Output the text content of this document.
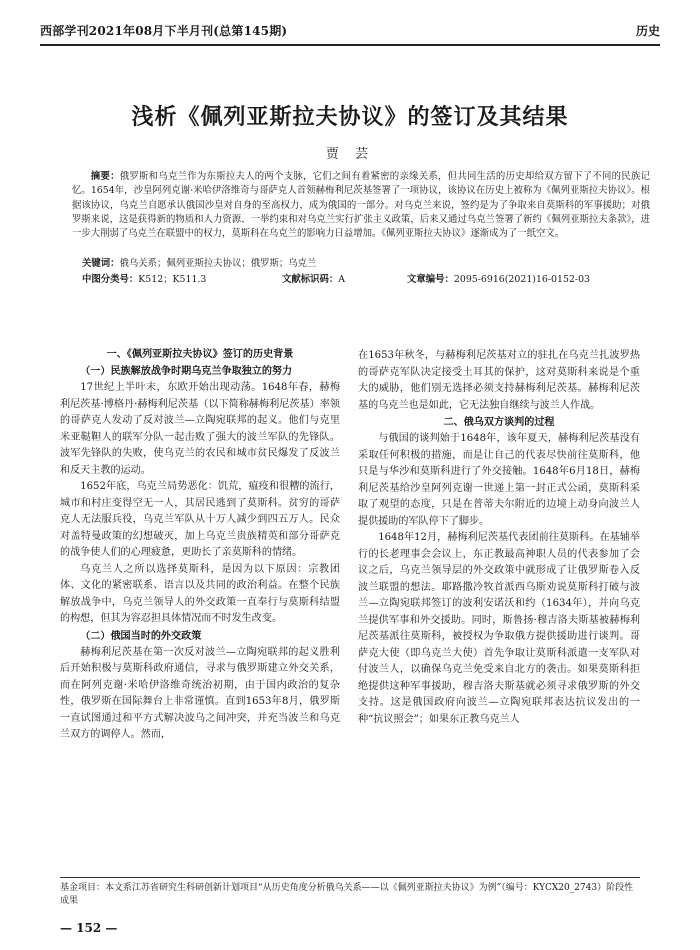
西部学刊2021年08月下半月刊(总第145期)	历史
浅析《佩列亚斯拉夫协议》的签订及其结果
贾 芸
摘要：俄罗斯和乌克兰作为东斯拉夫人的两个支脉，它们之间有着紧密的亲缘关系，但共同生活的历史却给双方留下了不同的民族记忆。1654年，沙皇阿列克谢·米哈伊洛维奇与哥萨克人首领赫梅利尼茨基签署了一项协议，该协议在历史上被称为《佩列亚斯拉夫协议》。根据该协议，乌克兰自愿承认俄国沙皇对自身的至高权力，成为俄国的一部分。对乌克兰来说，签约是为了争取来自莫斯科的军事援助；对俄罗斯来说，这是获得新的物质和人力资源、一举约束和对乌克兰实行扩张主义政策，后来又通过乌克兰签署了新约《佩列亚斯拉夫条款》，进一步大削弱了乌克兰在联盟中的权力，莫斯科在乌克兰的影响力日益增加。《佩列亚斯拉夫协议》逐渐成为了一纸空文。
关键词：俄乌关系；佩列亚斯拉夫协议；俄罗斯；乌克兰
中图分类号： K512；K511.3	文献标识码： A	文章编号： 2095-6916(2021)16-0152-03
一、《佩列亚斯拉夫协议》签订的历史背景
（一）民族解放战争时期乌克兰争取独立的努力

17世纪上半叶末，东欧开始出现动荡。1648年春，赫梅利尼茨基·博格丹·赫梅利尼茨基（以下简称赫梅利尼茨基）率领的哥萨克人发动了反对波兰—立陶宛联邦的起义。他们与克里米亚鞑靼人的联军分队一起击败了强大的波兰军队的先锋队。波军先锋队的失败，使乌克兰的农民和城市贫民爆发了反波兰和反天主教的运动。

1652年底，乌克兰局势恶化：饥荒，瘟疫和很糟的流行，城市和村庄变得空无一人，其居民逃到了莫斯科。贫穷的哥萨克人无法服兵役，乌克兰军队从十万人减少到四五万人。民众对盖特曼政策的幻想破灭，加上乌克兰贵族精英和部分哥萨克的战争使人们的心理疲惫，更助长了亲莫斯科的情绪。

乌克兰人之所以选择莫斯科，是因为以下原因：宗教团体、文化的紧密联系、语言以及共同的政治利益。在整个民族解放战争中，乌克兰领导人的外交政策一直奉行与莫斯科结盟的构想，但其为容忍担具体情况而不时发生改变。

（二）俄国当时的外交政策

赫梅利尼茨基在第一次反对波兰—立陶宛联邦的起义胜利后开始积极与莫斯科政府通信，寻求与俄罗斯建立外交关系，而在阿列克谢·米哈伊洛维奇统治初期，由于国内政治的复杂性，俄罗斯在国际舞台上非常谨慎。直到1653年8月，俄罗斯一直试图通过和平方式解决波乌之间冲突，并充当波兰和乌克兰双方的调停人。然而，

在1653年秋冬，与赫梅利尼茨基对立的驻扎在乌克兰扎波罗热的哥萨克军队决定接受土耳其的保护，这对莫斯科来说是个重大的威胁，他们别无选择必须支持赫梅利尼茨基。赫梅利尼茨基的乌克兰也是如此，它无法独自继续与波兰人作战。

二、俄乌双方谈判的过程

与俄国的谈判始于1648年，该年夏天，赫梅利尼茨基没有采取任何积极的措施，而是让自己的代表尽快前往莫斯科，他只是与华沙和莫斯科进行了外交接触。1648年6月18日，赫梅利尼茨基给沙皇阿列克谢一世递上第一封正式公函，莫斯科采取了观望的态度，只是在普蒂夫尔附近的边境上动身向波兰人提供援助的军队停下了脚步。

1648年12月，赫梅利尼茨基代表团前往莫斯科。在基辅举行的长老理事会会议上，东正教最高神职人员的代表参加了会议之后，乌克兰领导层的外交政策中就形成了让俄罗斯卷入反波兰联盟的想法。耶路撒冷牧首派西乌斯劝说莫斯科打破与波兰—立陶宛联邦签订的波利安诺沃和约（1634年），并向乌克兰提供军事和外交援助。同时，斯鲁扬·穆吉洛夫斯基被赫梅利尼茨基派往莫斯科，被授权为争取俄方提供援助进行谈判。哥萨克大使（即乌克兰大使）首先争取让莫斯科派遣一支军队对付波兰人，以确保乌克兰免受来自北方的袭击。如果莫斯科拒绝提供这种军事援助，穆吉洛夫斯基就必须寻求俄罗斯的外交支持。这是俄国政府向波兰—立陶宛联邦表达抗议发出的一种“抗议照会”；如果东正教乌克兰人

基金项目：本文系江苏省研究生科研创新计划项目“从历史角度分析俄乌关系——以《佩列亚斯拉夫协议》为例”（编号：KYCX20_2743）阶段性成果
— 152 —
